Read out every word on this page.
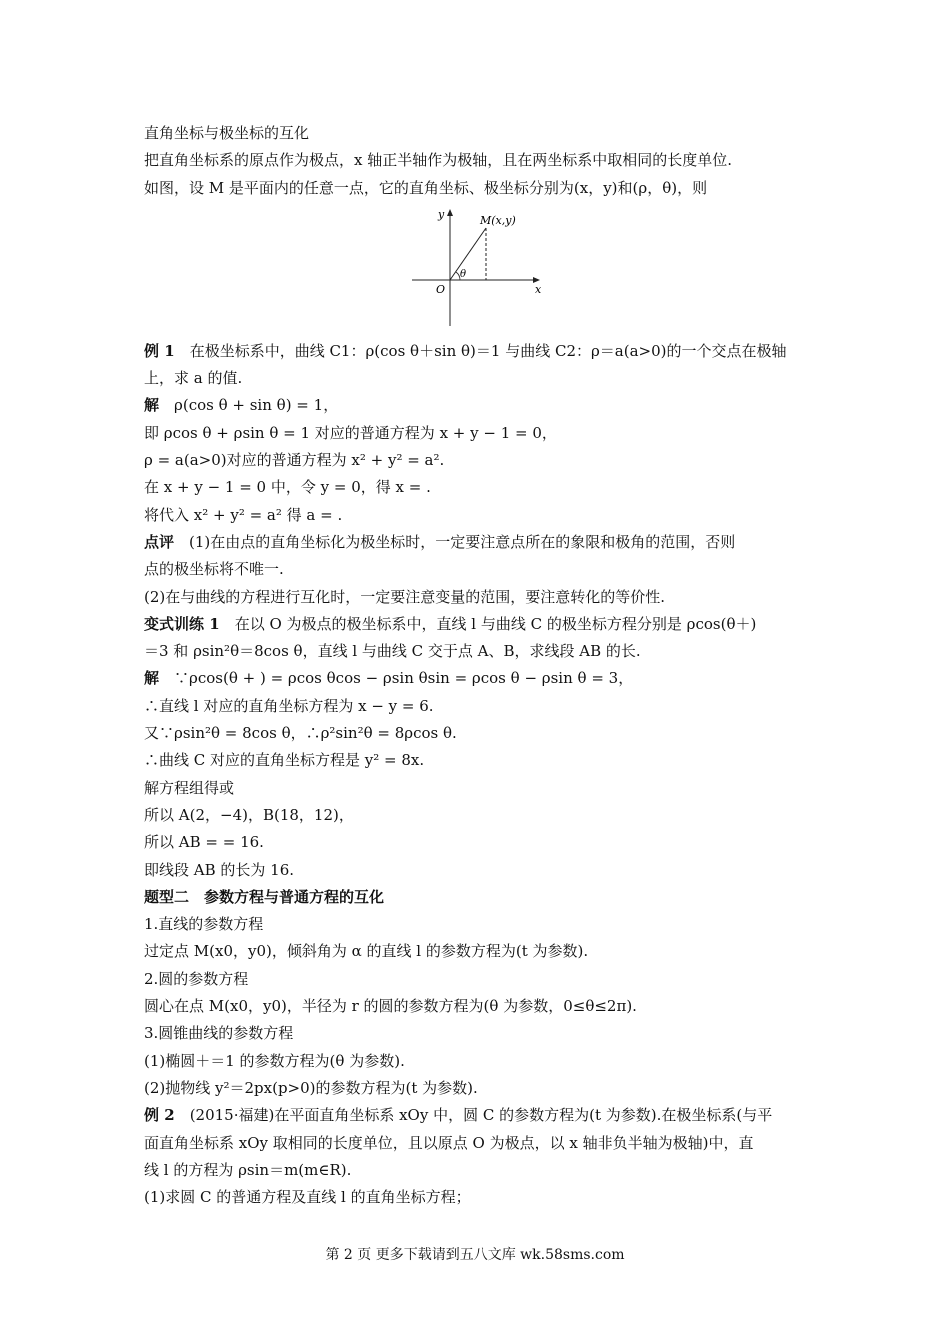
直角坐标与极坐标的互化
把直角坐标系的原点作为极点，x 轴正半轴作为极轴，且在两坐标系中取相同的长度单位.
如图，设 M 是平面内的任意一点，它的直角坐标、极坐标分别为(x，y)和(ρ，θ)，则
y
x
O
M(x,y)
θ
例 1　 在极坐标系中，曲线 C1：ρ(cos θ＋sin θ)＝1 与曲线 C2：ρ＝a(a>0)的一个交点在极轴
上，求 a 的值.
解　 ρ(cos θ + sin θ) = 1，
即 ρcos θ + ρsin θ = 1 对应的普通方程为 x + y − 1 = 0，
ρ = a(a>0)对应的普通方程为 x² + y² = a².
在 x + y − 1 = 0 中，令 y = 0，得 x = .
将代入 x² + y² = a² 得 a = .
点评　 (1)在由点的直角坐标化为极坐标时，一定要注意点所在的象限和极角的范围，否则
点的极坐标将不唯一.
(2)在与曲线的方程进行互化时，一定要注意变量的范围，要注意转化的等价性.
变式训练 1　 在以 O 为极点的极坐标系中，直线 l 与曲线 C 的极坐标方程分别是 ρcos(θ＋)
＝3 和 ρsin²θ＝8cos θ，直线 l 与曲线 C 交于点 A、B，求线段 AB 的长.
解　 ∵ρcos(θ + ) = ρcos θcos − ρsin θsin = ρcos θ − ρsin θ = 3，
∴直线 l 对应的直角坐标方程为 x − y = 6.
又∵ρsin²θ = 8cos θ，∴ρ²sin²θ = 8ρcos θ.
∴曲线 C 对应的直角坐标方程是 y² = 8x.
解方程组得或
所以 A(2，−4)，B(18，12)，
所以 AB = = 16.
即线段 AB 的长为 16.
题型二　参数方程与普通方程的互化
1.直线的参数方程
过定点 M(x0，y0)，倾斜角为 α 的直线 l 的参数方程为(t 为参数).
2.圆的参数方程
圆心在点 M(x0，y0)，半径为 r 的圆的参数方程为(θ 为参数，0≤θ≤2π).
3.圆锥曲线的参数方程
(1)椭圆＋＝1 的参数方程为(θ 为参数).
(2)抛物线 y²＝2px(p>0)的参数方程为(t 为参数).
例 2　 (2015·福建)在平面直角坐标系 xOy 中，圆 C 的参数方程为(t 为参数).在极坐标系(与平
面直角坐标系 xOy 取相同的长度单位，且以原点 O 为极点，以 x 轴非负半轴为极轴)中，直
线 l 的方程为 ρsin＝m(m∈R).
(1)求圆 C 的普通方程及直线 l 的直角坐标方程；
第 2 页 更多下载请到五八文库 wk.58sms.com
